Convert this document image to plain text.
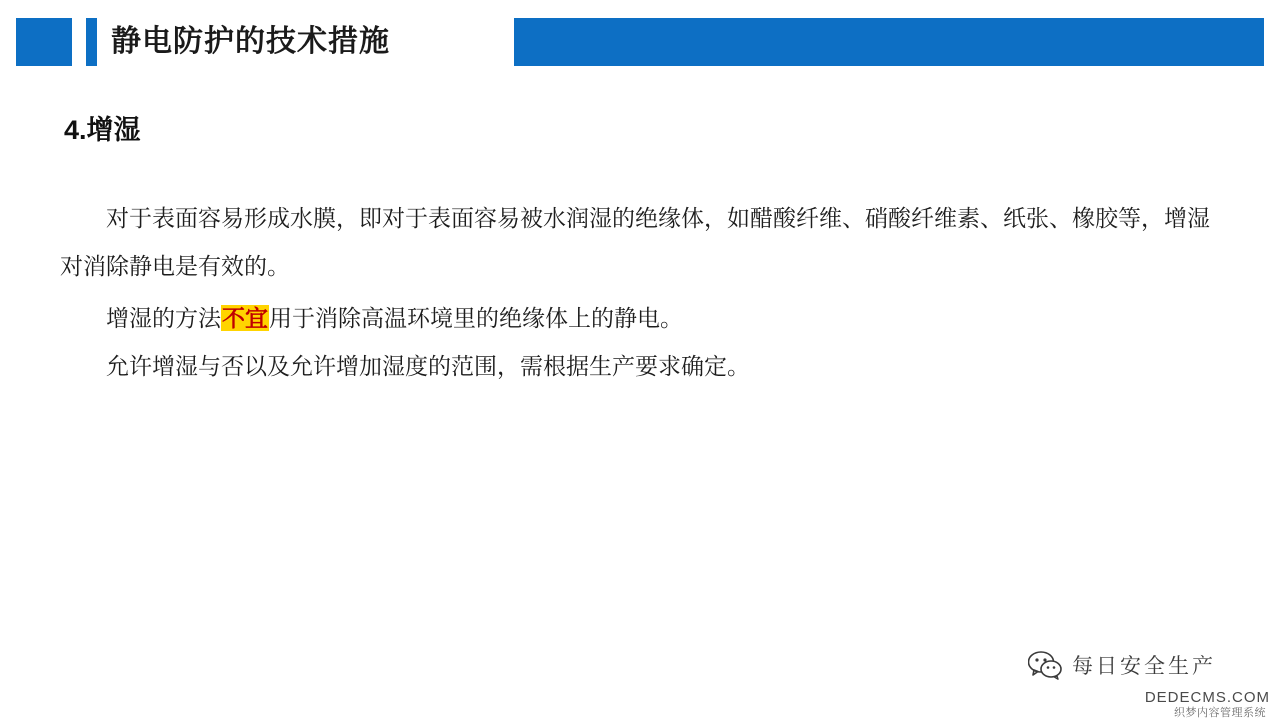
静电防护的技术措施
4.增湿

对于表面容易形成水膜，即对于表面容易被水润湿的绝缘体，如醋酸纤维、硝酸纤维素、纸张、橡胶等，增湿对消除静电是有效的。

增湿的方法不宜用于消除高温环境里的绝缘体上的静电。

允许增湿与否以及允许增加湿度的范围，需根据生产要求确定。

每日安全生产
DEDECMS.COM
织梦内容管理系统
